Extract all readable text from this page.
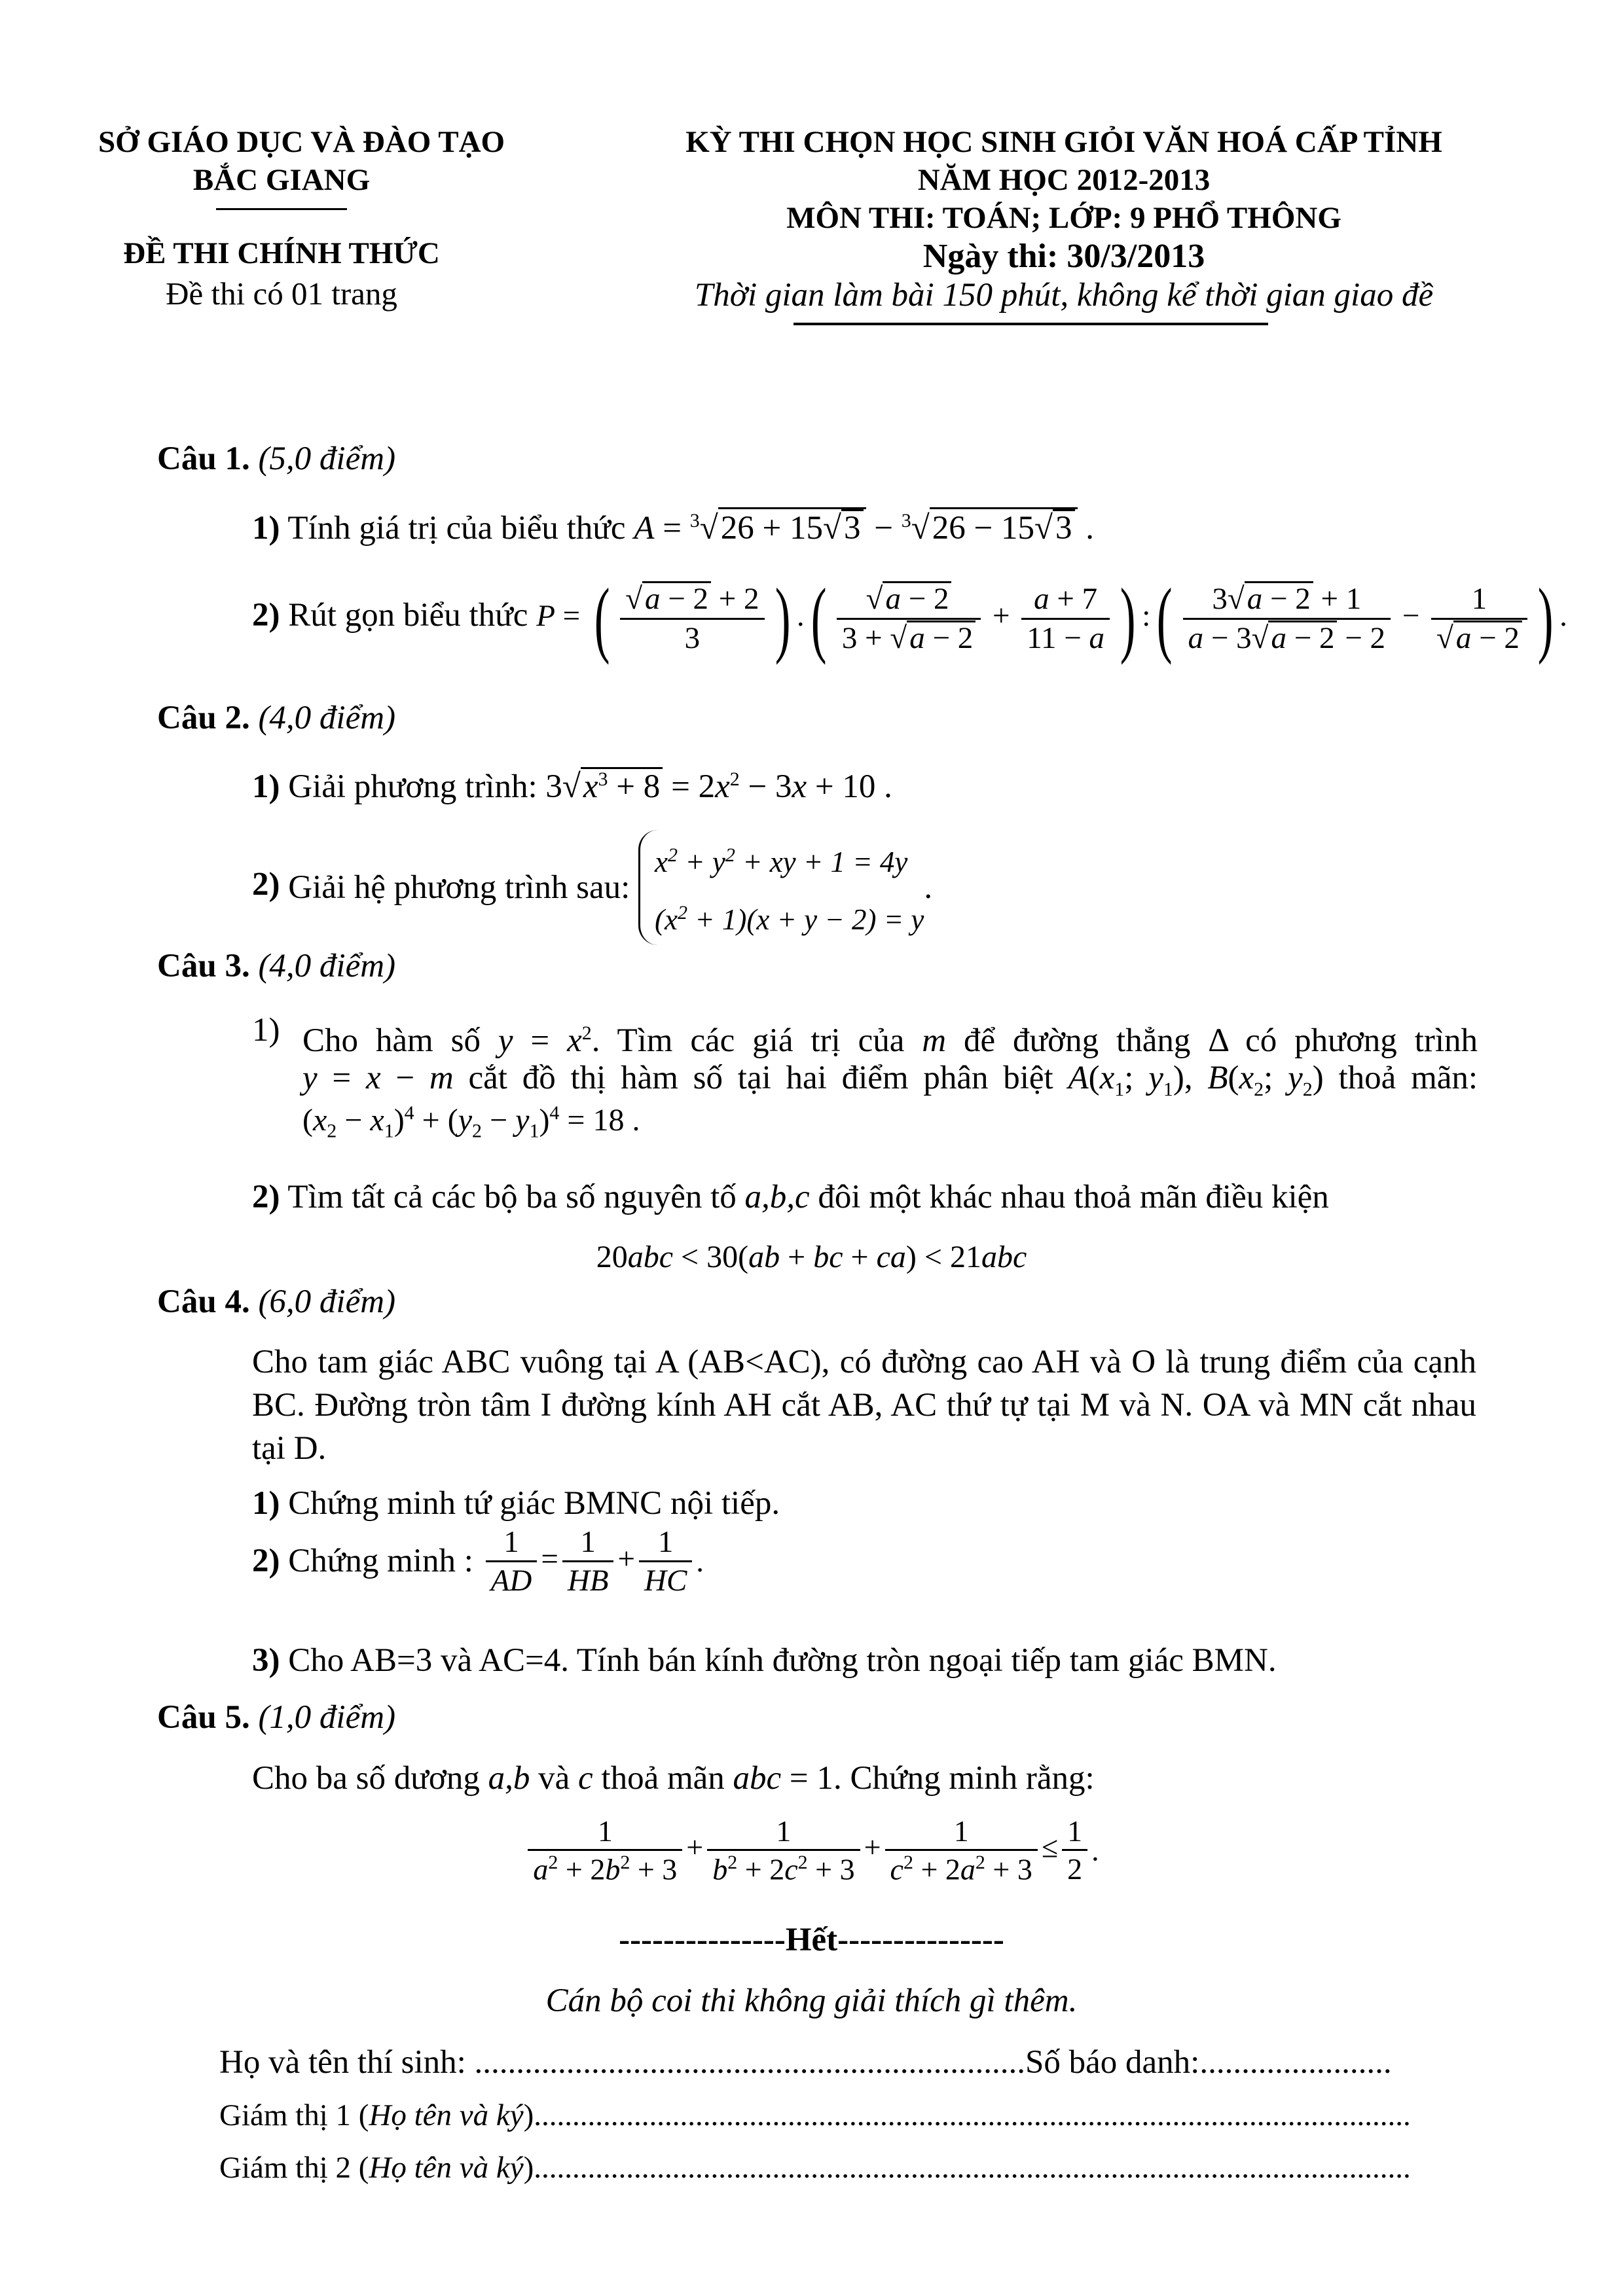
SỞ GIÁO DỤC VÀ ĐÀO TẠO
BẮC GIANG
ĐỀ THI CHÍNH THỨC
Đề thi có 01 trang
KỲ THI CHỌN HỌC SINH GIỎI VĂN HOÁ CẤP TỈNH
NĂM HỌC 2012-2013
MÔN THI: TOÁN; LỚP: 9 PHỔ THÔNG
Ngày thi: 30/3/2013
Thời gian làm bài 150 phút, không kể thời gian giao đề
Câu 1. (5,0 điểm)
1) Tính giá trị của biểu thức A = $^3$√26 + 15√3 − $^3$√26 − 15√3 .
2) Rút gọn biểu thức P = ( $\frac{√a - 2 + 2}{3}$ ) .( $\frac{√a - 2}{3 + √a - 2} + \frac{a + 7}{11 - a}$ ) :( $\frac{3√a - 2 + 1}{a - 3√a - 2 - 2} - \frac{1}{√a - 2}$ ) .
Câu 2. (4,0 điểm)
1) Giải phương trình: $3√x^3 + 8 = 2x^2 - 3x + 10$ .
2) Giải hệ phương trình sau:
$x^2 + y^2$ + xy + 1 = 4y
$(x^2 + 1)(x + y - 2) = y$
.
Câu 3. (4,0 điểm)
1) Cho hàm số $y = x^2$. Tìm các giá trị của m để đường thẳng Δ có phương trình
y = x − m cắt đồ thị hàm số tại hai điểm phân biệt $A(x_1$; $y_1$), $B(x_2$; $y_2$) thoả mãn:
$(x_2 - x_1)^4 + (y_2 - y_1)^4 = 18$ .
2) Tìm tất cả các bộ ba số nguyên tố a,b,c đôi một khác nhau thoả mãn điều kiện
20abc < 30(ab + bc + ca) < 21abc
Câu 4. (6,0 điểm)
Cho tam giác ABC vuông tại A (AB<AC), có đường cao AH và O là trung điểm của cạnh BC. Đường tròn tâm I đường kính AH cắt AB, AC thứ tự tại M và N. OA và MN cắt nhau tại D.
1) Chứng minh tứ giác BMNC nội tiếp.
2) Chứng minh : $\frac{1}{AD} = \frac{1}{HB} + \frac{1}{HC}$ .
3) Cho AB=3 và AC=4. Tính bán kính đường tròn ngoại tiếp tam giác BMN.
Câu 5. (1,0 điểm)
Cho ba số dương a,b và c thoả mãn abc = 1. Chứng minh rằng:
$\frac{1}{a^2 + 2b^2 + 3} + \frac{1}{b^2 + 2c^2 + 3} + \frac{1}{c^2 + 2a^2 + 3} \le \frac{1}{2}$ .
---------------Hết---------------
Cán bộ coi thi không giải thích gì thêm.
Họ và tên thí sinh: ..................................................................Số báo danh:.......................
Giám thị 1 (Họ tên và ký)..................................................................................................................
Giám thị 2 (Họ tên và ký)..................................................................................................................
